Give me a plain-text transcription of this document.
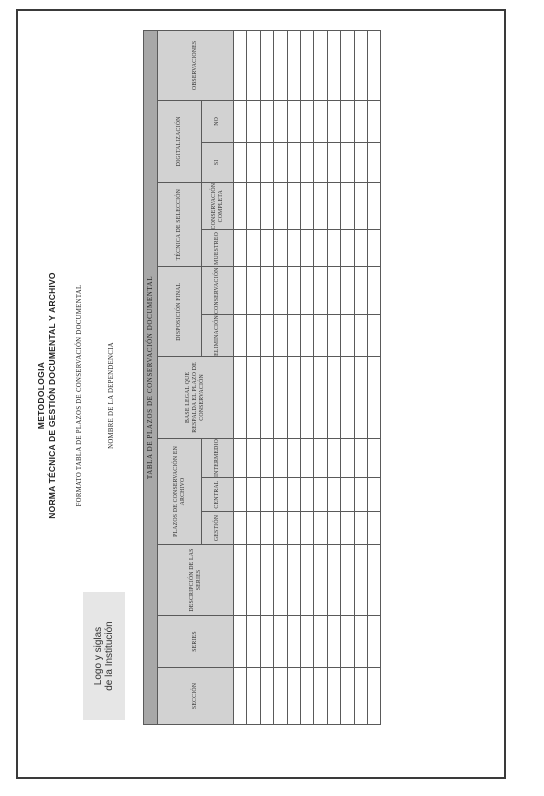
METODOLOGIA NORMA TÉCNICA DE GESTIÓN DOCUMENTAL Y ARCHIVO	FORMATO TABLA DE PLAZOS DE CONSERVACIÓN DOCUMENTAL	NOMBRE DE LA DEPENDENCIA
Logo y siglas de la Institución
TABLA DE PLAZOS DE CONSERVACIÓN DOCUMENTAL													
SECCIÓN	SERIES	DESCRIPCIÓN DE LAS SERIES	PLAZOS DE CONSERVACIÓN EN ARCHIVO			BASE LEGAL QUE RESPALDA EL PLAZO DE CONSERVACIÓN	DISPOSICIÓN FINAL		TÉCNICA DE SELECCIÓN		DIGITALIZACIÓN		OBSERVACIONES
			GESTIÓN	CENTRAL	INTERMEDIO		ELIMINACIÓN	CONSERVACIÓN	MUESTREO	CONSERVACIÓN COMPLETA	SI	NO	
